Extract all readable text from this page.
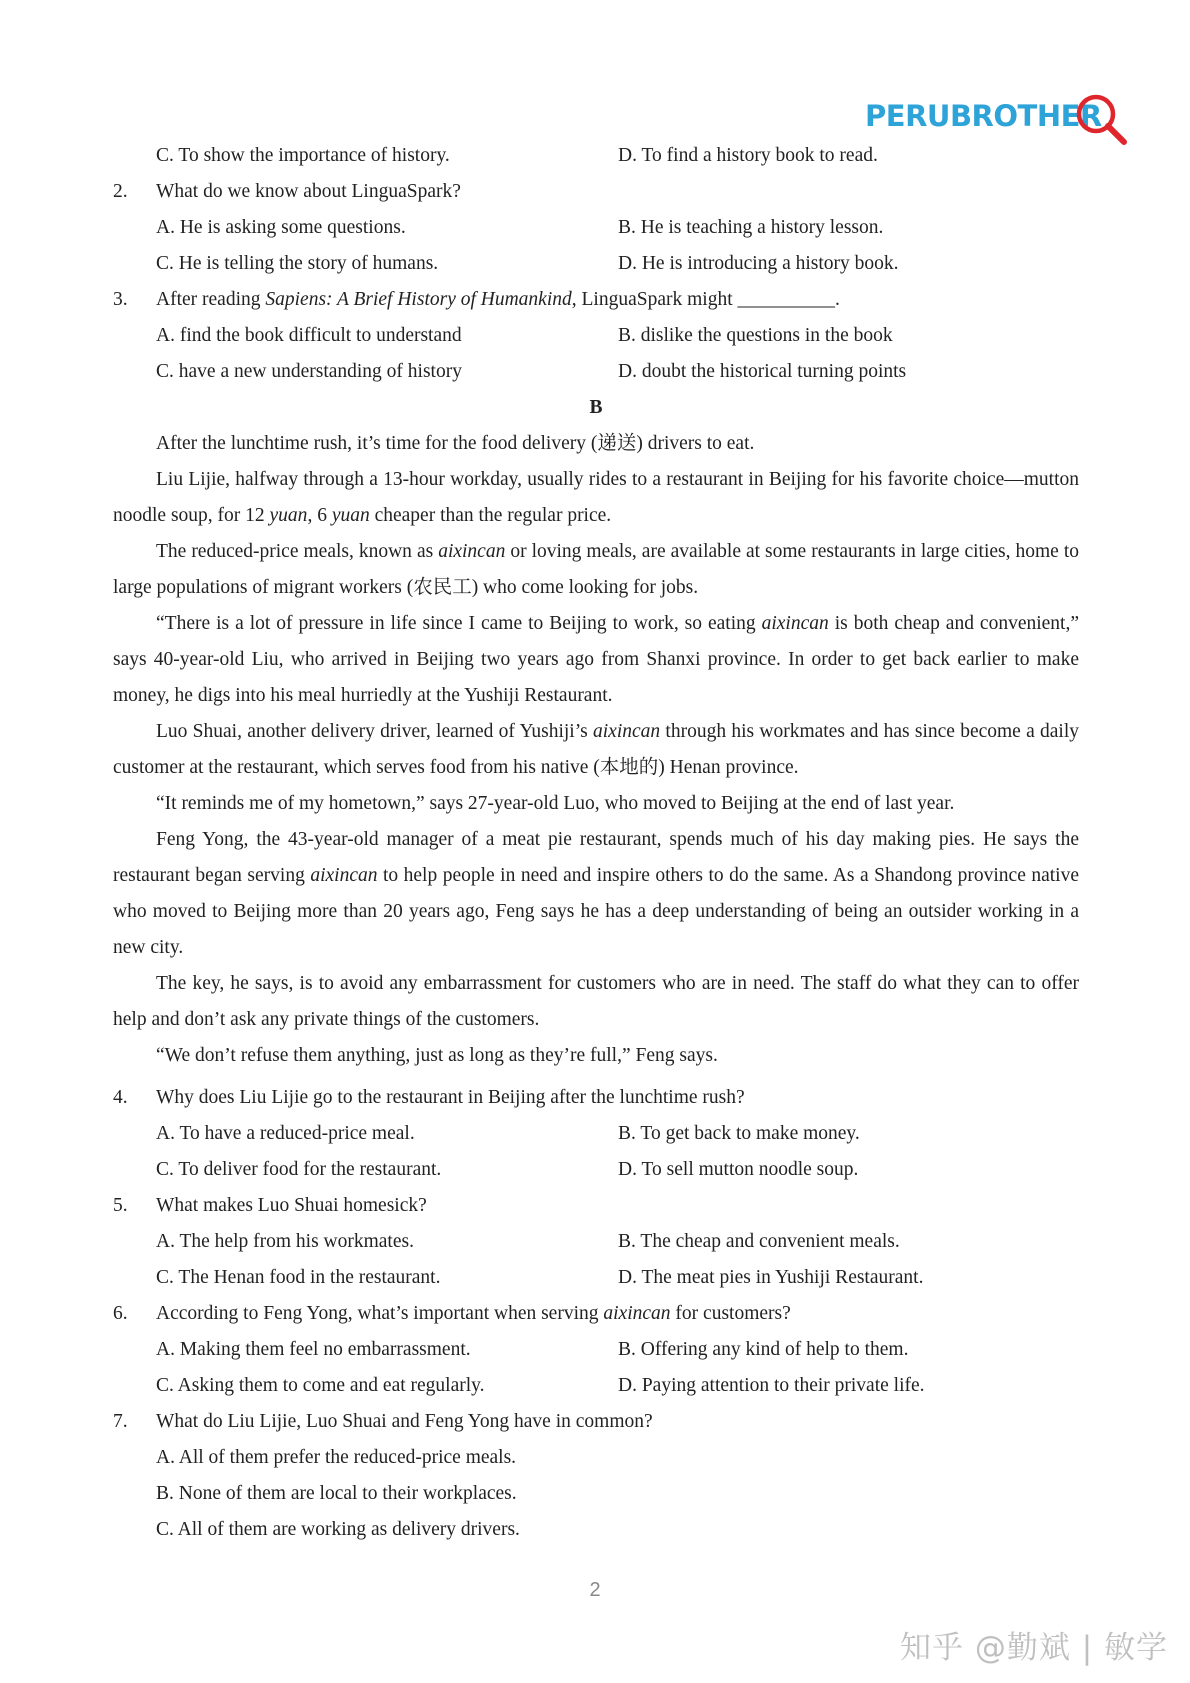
PERUBROTHER
C. To show the importance of history.	D. To find a history book to read.
2.	What do we know about LinguaSpark?
A. He is asking some questions.	B. He is teaching a history lesson.
C. He is telling the story of humans.	D. He is introducing a history book.
3.	After reading Sapiens: A Brief History of Humankind, LinguaSpark might __________.
A. find the book difficult to understand	B. dislike the questions in the book
C. have a new understanding of history	D. doubt the historical turning points
B
After the lunchtime rush, it’s time for the food delivery (递送) drivers to eat.
Liu Lijie, halfway through a 13-hour workday, usually rides to a restaurant in Beijing for his favorite choice—mutton noodle soup, for 12 yuan, 6 yuan cheaper than the regular price.
The reduced-price meals, known as aixincan or loving meals, are available at some restaurants in large cities, home to large populations of migrant workers (农民工) who come looking for jobs.
“There is a lot of pressure in life since I came to Beijing to work, so eating aixincan is both cheap and convenient,” says 40-year-old Liu, who arrived in Beijing two years ago from Shanxi province. In order to get back earlier to make money, he digs into his meal hurriedly at the Yushiji Restaurant.
Luo Shuai, another delivery driver, learned of Yushiji’s aixincan through his workmates and has since become a daily customer at the restaurant, which serves food from his native (本地的) Henan province.
“It reminds me of my hometown,” says 27-year-old Luo, who moved to Beijing at the end of last year.
Feng Yong, the 43-year-old manager of a meat pie restaurant, spends much of his day making pies. He says the restaurant began serving aixincan to help people in need and inspire others to do the same. As a Shandong province native who moved to Beijing more than 20 years ago, Feng says he has a deep understanding of being an outsider working in a new city.
The key, he says, is to avoid any embarrassment for customers who are in need. The staff do what they can to offer help and don’t ask any private things of the customers.
“We don’t refuse them anything, just as long as they’re full,” Feng says.
4.	Why does Liu Lijie go to the restaurant in Beijing after the lunchtime rush?
A. To have a reduced-price meal.	B. To get back to make money.
C. To deliver food for the restaurant.	D. To sell mutton noodle soup.
5.	What makes Luo Shuai homesick?
A. The help from his workmates.	B. The cheap and convenient meals.
C. The Henan food in the restaurant.	D. The meat pies in Yushiji Restaurant.
6.	According to Feng Yong, what’s important when serving aixincan for customers?
A. Making them feel no embarrassment.	B. Offering any kind of help to them.
C. Asking them to come and eat regularly.	D. Paying attention to their private life.
7.	What do Liu Lijie, Luo Shuai and Feng Yong have in common?
A. All of them prefer the reduced-price meals.
B. None of them are local to their workplaces.
C. All of them are working as delivery drivers.
2
知乎 @勤斌 | 敏学
